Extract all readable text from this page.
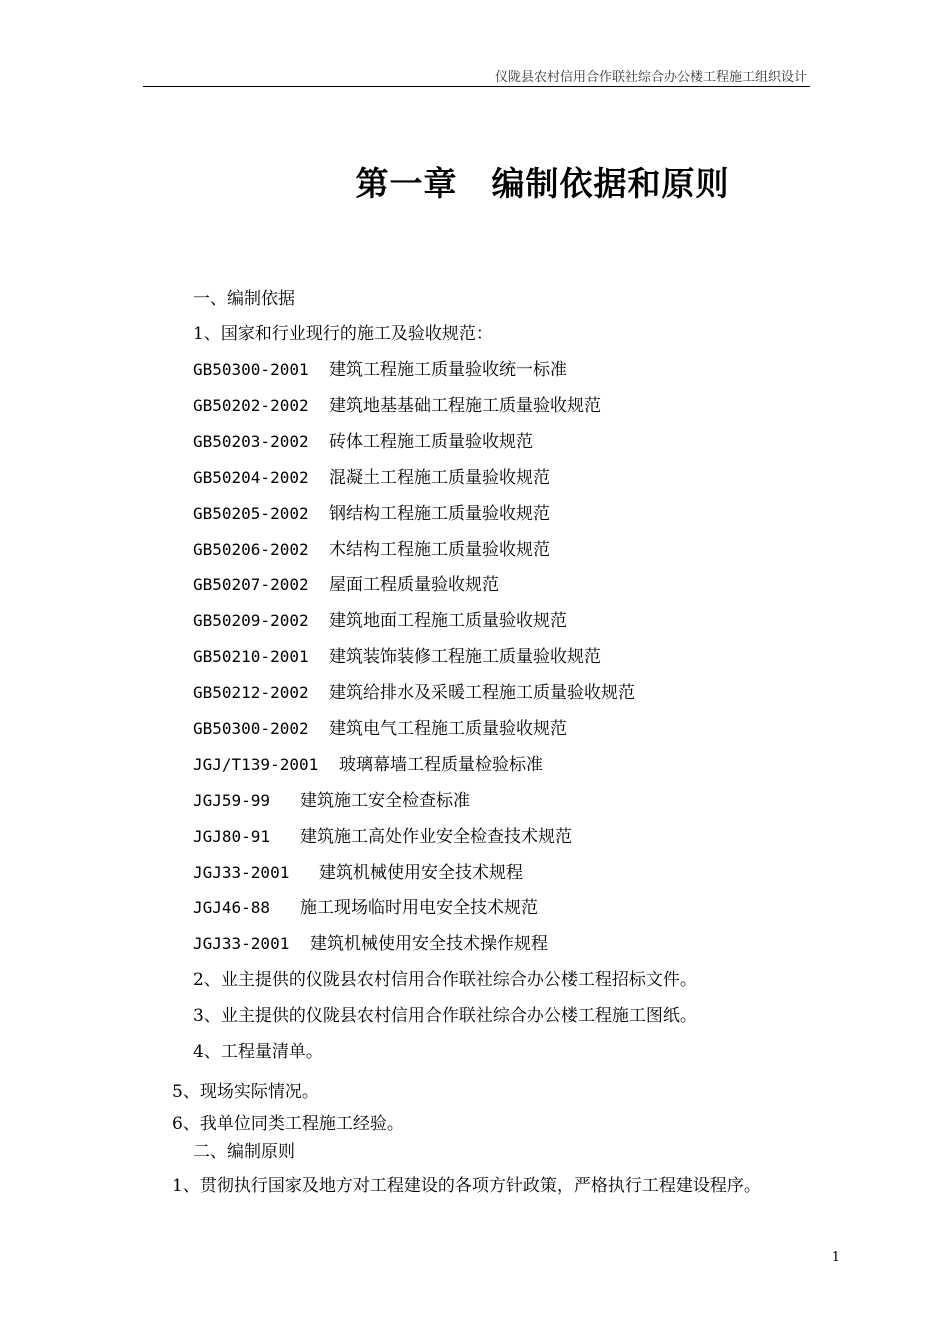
仪陇县农村信用合作联社综合办公楼工程施工组织设计
第一章　编制依据和原则
一、编制依据
1、国家和行业现行的施工及验收规范：
GB50300-2001 建筑工程施工质量验收统一标准
GB50202-2002 建筑地基基础工程施工质量验收规范
GB50203-2002 砖体工程施工质量验收规范
GB50204-2002 混凝土工程施工质量验收规范
GB50205-2002 钢结构工程施工质量验收规范
GB50206-2002 木结构工程施工质量验收规范
GB50207-2002 屋面工程质量验收规范
GB50209-2002 建筑地面工程施工质量验收规范
GB50210-2001 建筑装饰装修工程施工质量验收规范
GB50212-2002 建筑给排水及采暖工程施工质量验收规范
GB50300-2002 建筑电气工程施工质量验收规范
JGJ/T139-2001 玻璃幕墙工程质量检验标准
JGJ59-99 建筑施工安全检查标准
JGJ80-91 建筑施工高处作业安全检查技术规范
JGJ33-2001 建筑机械使用安全技术规程
JGJ46-88 施工现场临时用电安全技术规范
JGJ33-2001 建筑机械使用安全技术操作规程
2、业主提供的仪陇县农村信用合作联社综合办公楼工程招标文件。
3、业主提供的仪陇县农村信用合作联社综合办公楼工程施工图纸。
4、工程量清单。
5、现场实际情况。
6、我单位同类工程施工经验。
二、编制原则
1、贯彻执行国家及地方对工程建设的各项方针政策，严格执行工程建设程序。
1
